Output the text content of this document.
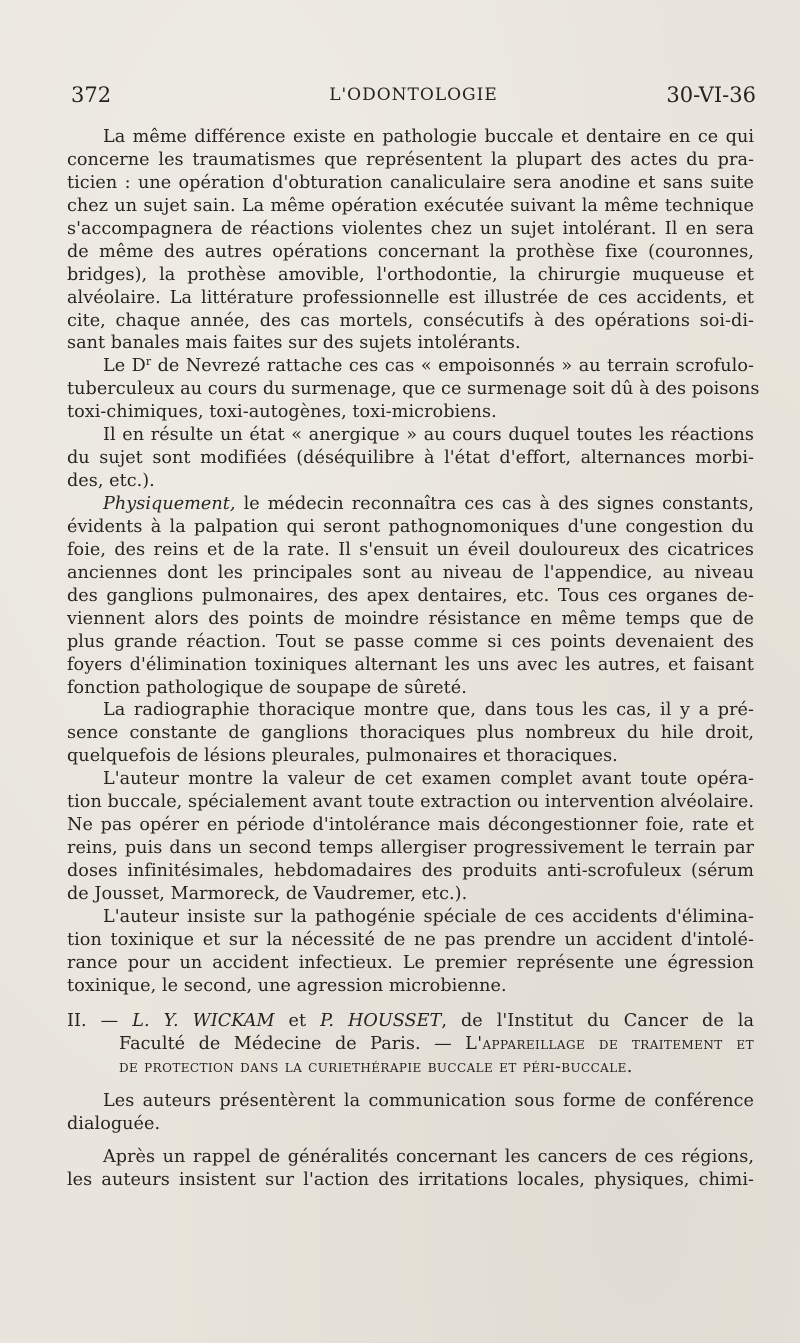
372	L'ODONTOLOGIE	30-VI-36
La même différence existe en pathologie buccale et dentaire en ce qui
concerne les traumatismes que représentent la plupart des actes du pra-
ticien : une opération d'obturation canaliculaire sera anodine et sans suite
chez un sujet sain. La même opération exécutée suivant la même technique
s'accompagnera de réactions violentes chez un sujet intolérant. Il en sera
de même des autres opérations concernant la prothèse fixe (couronnes,
bridges), la prothèse amovible, l'orthodontie, la chirurgie muqueuse et
alvéolaire. La littérature professionnelle est illustrée de ces accidents, et
cite, chaque année, des cas mortels, consécutifs à des opérations soi-di-
sant banales mais faites sur des sujets intolérants.
Le $D^r$ de Nevrezé rattache ces cas « empoisonnés » au terrain scrofulo-
tuberculeux au cours du surmenage, que ce surmenage soit dû à des poisons
toxi-chimiques, toxi-autogènes, toxi-microbiens.
Il en résulte un état « anergique » au cours duquel toutes les réactions
du sujet sont modifiées (déséquilibre à l'état d'effort, alternances morbi-
des, etc.).
Physiquement, le médecin reconnaîtra ces cas à des signes constants,
évidents à la palpation qui seront pathognomoniques d'une congestion du
foie, des reins et de la rate. Il s'ensuit un éveil douloureux des cicatrices
anciennes dont les principales sont au niveau de l'appendice, au niveau
des ganglions pulmonaires, des apex dentaires, etc. Tous ces organes de-
viennent alors des points de moindre résistance en même temps que de
plus grande réaction. Tout se passe comme si ces points devenaient des
foyers d'élimination toxiniques alternant les uns avec les autres, et faisant
fonction pathologique de soupape de sûreté.
La radiographie thoracique montre que, dans tous les cas, il y a pré-
sence constante de ganglions thoraciques plus nombreux du hile droit,
quelquefois de lésions pleurales, pulmonaires et thoraciques.
L'auteur montre la valeur de cet examen complet avant toute opéra-
tion buccale, spécialement avant toute extraction ou intervention alvéolaire.
Ne pas opérer en période d'intolérance mais décongestionner foie, rate et
reins, puis dans un second temps allergiser progressivement le terrain par
doses infinitésimales, hebdomadaires des produits anti-scrofuleux (sérum
de Jousset, Marmoreck, de Vaudremer, etc.).
L'auteur insiste sur la pathogénie spéciale de ces accidents d'élimina-
tion toxinique et sur la nécessité de ne pas prendre un accident d'intolé-
rance pour un accident infectieux. Le premier représente une égression
toxinique, le second, une agression microbienne.
II. — L. Y. WICKAM et P. HOUSSET, de l'Institut du Cancer de la
Faculté de Médecine de Paris. — L'appareillage de traitement et
de protection dans la curiethérapie buccale et péri-buccale.
Les auteurs présentèrent la communication sous forme de conférence
dialoguée.
Après un rappel de généralités concernant les cancers de ces régions,
les auteurs insistent sur l'action des irritations locales, physiques, chimi-
